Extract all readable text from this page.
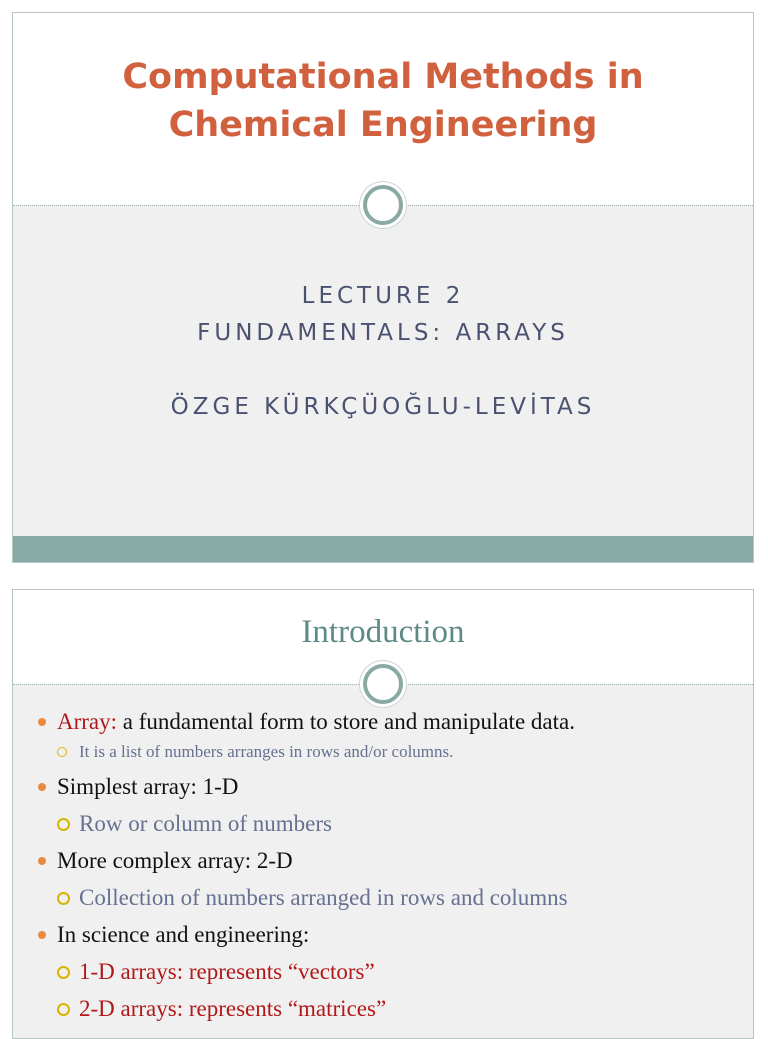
Computational Methods in
Chemical Engineering
LECTURE 2
FUNDAMENTALS: ARRAYS
ÖZGE KÜRKÇÜOĞLU-LEVİTAS
Introduction
Array: a fundamental form to store and manipulate data.
It is a list of numbers arranges in rows and/or columns.
Simplest array: 1-D
Row or column of numbers
More complex array: 2-D
Collection of numbers arranged in rows and columns
In science and engineering:
1-D arrays: represents “vectors”
2-D arrays: represents “matrices”
